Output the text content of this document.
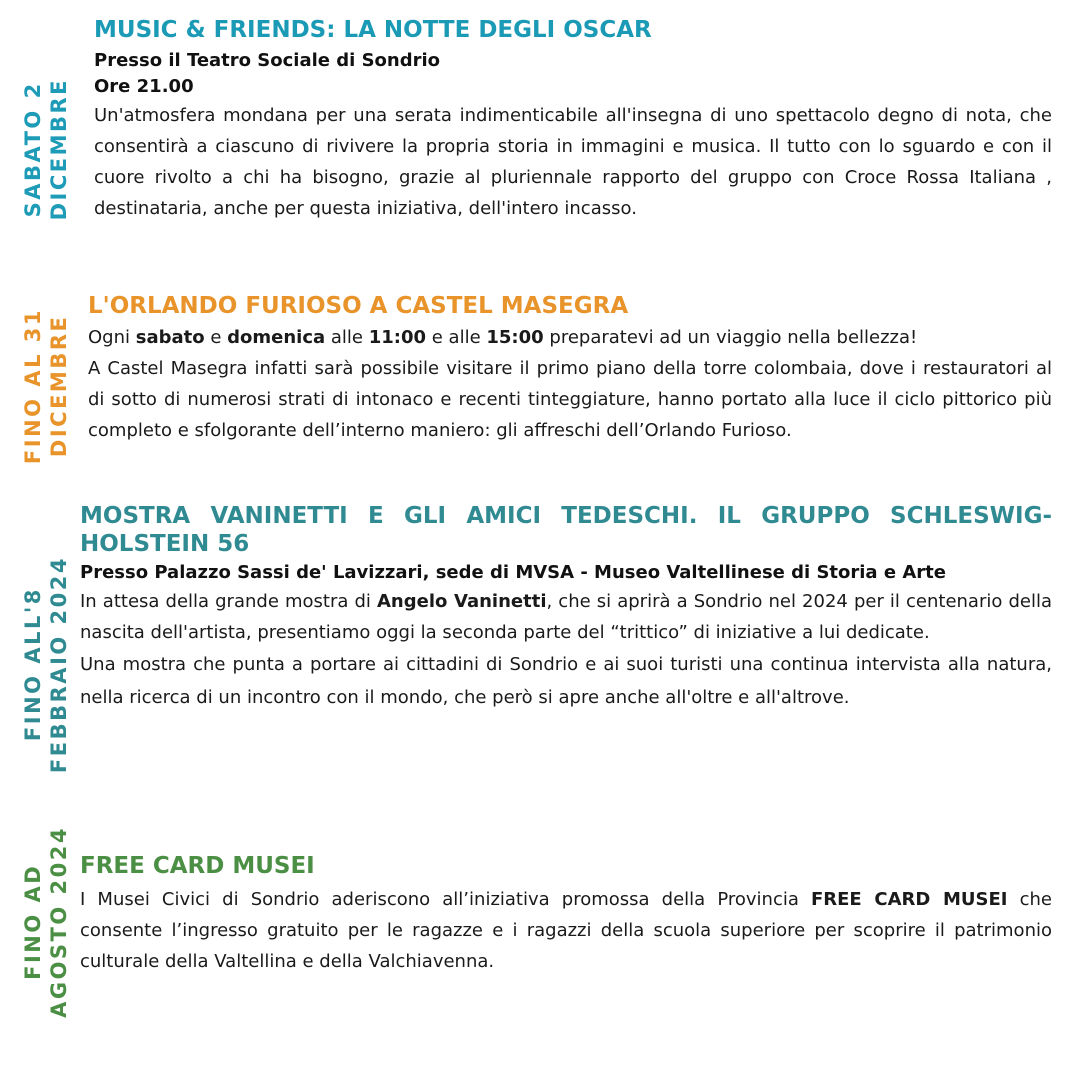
SABATO 2 DICEMBRE
MUSIC & FRIENDS: LA NOTTE DEGLI OSCAR
Presso il Teatro Sociale di Sondrio
Ore 21.00

Un'atmosfera mondana per una serata indimenticabile all'insegna di uno spettacolo degno di nota, che consentirà a ciascuno di rivivere la propria storia in immagini e musica. Il tutto con lo sguardo e con il cuore rivolto a chi ha bisogno, grazie al pluriennale rapporto del gruppo con Croce Rossa Italiana , destinataria, anche per questa iniziativa, dell'intero incasso.

FINO AL 31 DICEMBRE
L'ORLANDO FURIOSO A CASTEL MASEGRA

Ogni sabato e domenica alle 11:00 e alle 15:00 preparatevi ad un viaggio nella bellezza!

A Castel Masegra infatti sarà possibile visitare il primo piano della torre colombaia, dove i restauratori al di sotto di numerosi strati di intonaco e recenti tinteggiature, hanno portato alla luce il ciclo pittorico più completo e sfolgorante dell’interno maniero: gli affreschi dell’Orlando Furioso.

FINO ALL'8 FEBBRAIO 2024
MOSTRA VANINETTI E GLI AMICI TEDESCHI. IL GRUPPO SCHLESWIG-HOLSTEIN 56
Presso Palazzo Sassi de' Lavizzari, sede di MVSA - Museo Valtellinese di Storia e Arte

In attesa della grande mostra di Angelo Vaninetti, che si aprirà a Sondrio nel 2024 per il centenario della nascita dell'artista, presentiamo oggi la seconda parte del “trittico” di iniziative a lui dedicate.

Una mostra che punta a portare ai cittadini di Sondrio e ai suoi turisti una continua intervista alla natura, nella ricerca di un incontro con il mondo, che però si apre anche all'oltre e all'altrove.

FINO AD AGOSTO 2024 FREE CARD MUSEI

I Musei Civici di Sondrio aderiscono all’iniziativa promossa della Provincia FREE CARD MUSEI che consente l’ingresso gratuito per le ragazze e i ragazzi della scuola superiore per scoprire il patrimonio culturale della Valtellina e della Valchiavenna.
